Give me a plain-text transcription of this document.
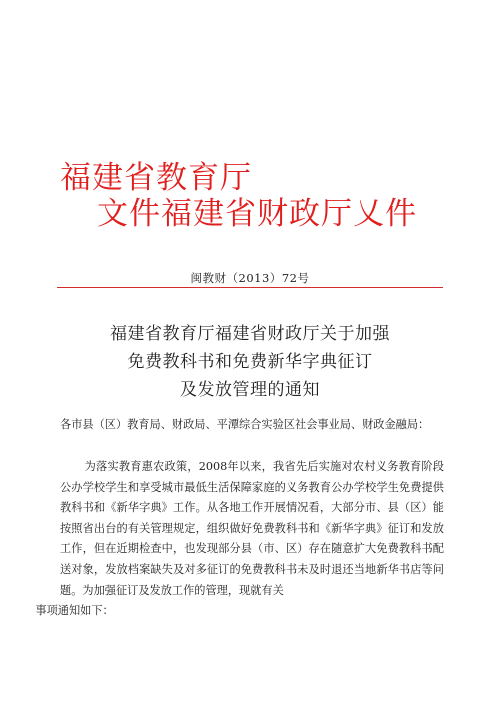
福建省教育厅
文件福建省财政厅乂件
闽教财（2013）72号
福建省教育厅福建省财政厅关于加强
免费教科书和免费新华字典征订
及发放管理的通知
各市县（区）教育局、财政局、平潭综合实验区社会事业局、财政金融局：
为落实教育惠农政策，2008年以来，我省先后实施对农村义务教育阶段公办学校学生和享受城市最低生活保障家庭的义务教育公办学校学生免费提供教科书和《新华字典》工作。从各地工作开展情况看，大部分市、县（区）能按照省出台的有关管理规定，组织做好免费教科书和《新华字典》征订和发放工作，但在近期检查中，也发现部分县（市、区）存在随意扩大免费教科书配送对象，发放档案缺失及对多征订的免费教科书未及时退还当地新华书店等问题。为加强征订及发放工作的管理，现就有关
事项通知如下：
